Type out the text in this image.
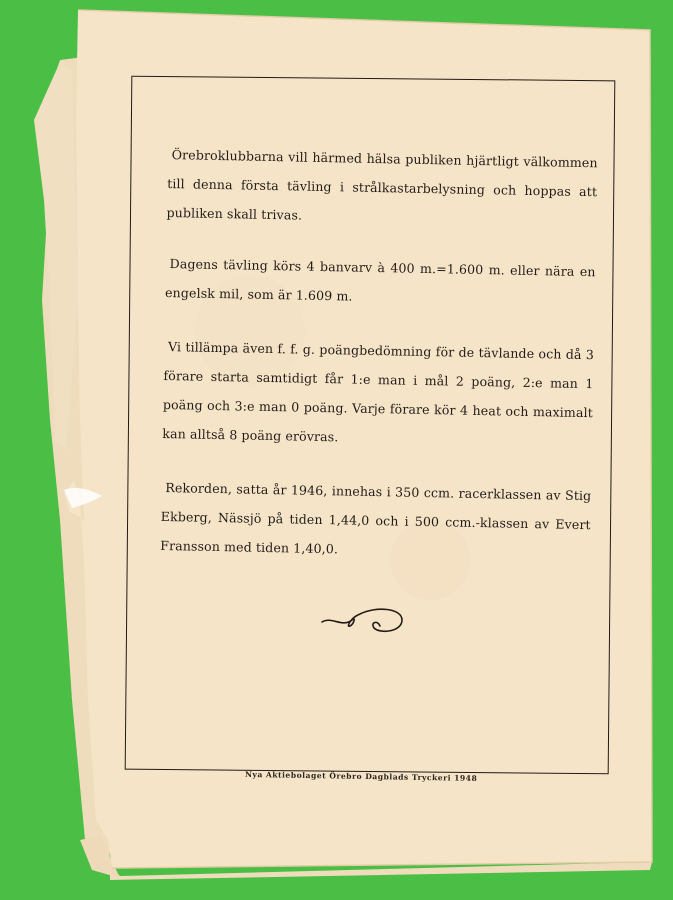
Örebroklubbarna vill härmed hälsa publiken hjärtligt välkommen till denna första tävling i strålkastarbelysning och hoppas att publiken skall trivas.

Dagens tävling körs 4 banvarv à 400 m.=1.600 m. eller nära en engelsk mil, som är 1.609 m.

Vi tillämpa även f. f. g. poängbedömning för de tävlande och då 3 förare starta samtidigt får 1:e man i mål 2 poäng, 2:e man 1 poäng och 3:e man 0 poäng. Varje förare kör 4 heat och maximalt kan alltså 8 poäng erövras.

Rekorden, satta år 1946, innehas i 350 ccm. racerklassen av Stig Ekberg, Nässjö på tiden 1,44,0 och i 500 ccm.-klassen av Evert Fransson med tiden 1,40,0.

Nya Aktiebolaget Örebro Dagblads Tryckeri 1948
